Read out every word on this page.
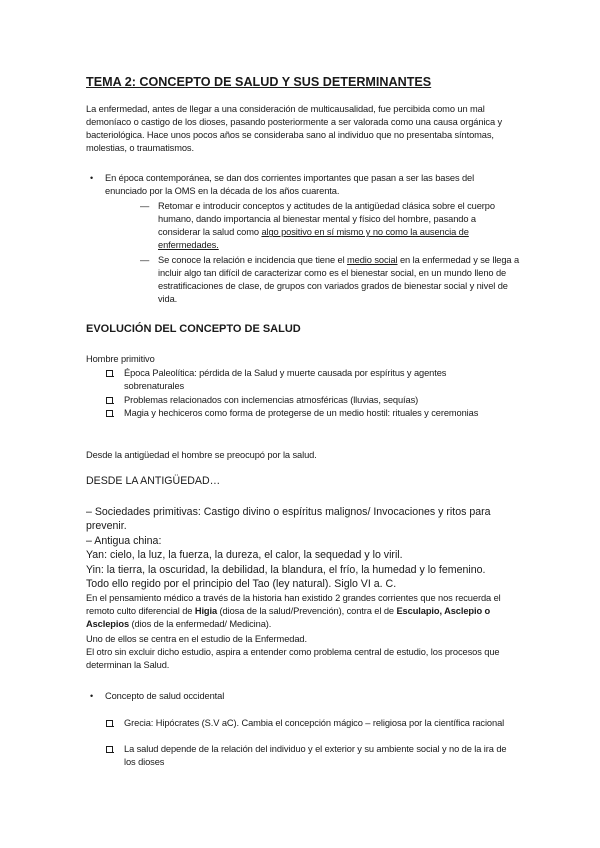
TEMA 2: CONCEPTO DE SALUD Y SUS DETERMINANTES

La enfermedad, antes de llegar a una consideración de multicausalidad, fue percibida como un mal demoníaco o castigo de los dioses, pasando posteriormente a ser valorada como una causa orgánica y bacteriológica. Hace unos pocos años se consideraba sano al individuo que no presentaba síntomas, molestias, o traumatismos.

• En época contemporánea, se dan dos corrientes importantes que pasan a ser las bases del enunciado por la OMS en la década de los años cuarenta.

— Retomar e introducir conceptos y actitudes de la antigüedad clásica sobre el cuerpo humano, dando importancia al bienestar mental y físico del hombre, pasando a considerar la salud como algo positivo en sí mismo y no como la ausencia de enfermedades.

— Se conoce la relación e incidencia que tiene el medio social en la enfermedad y se llega a incluir algo tan difícil de caracterizar como es el bienestar social, en un mundo lleno de estratificaciones de clase, de grupos con variados grados de bienestar social y nivel de vida.

EVOLUCIÓN DEL CONCEPTO DE SALUD

Hombre primitivo

Época Paleolítica: pérdida de la Salud y muerte causada por espíritus y agentes sobrenaturales

Problemas relacionados con inclemencias atmosféricas (lluvias, sequías)

Magia y hechiceros como forma de protegerse de un medio hostil: rituales y ceremonias

Desde la antigüedad el hombre se preocupó por la salud.

DESDE LA ANTIGÜEDAD…

– Sociedades primitivas: Castigo divino o espíritus malignos/ Invocaciones y ritos para prevenir.

– Antigua china:

Yan: cielo, la luz, la fuerza, la dureza, el calor, la sequedad y lo viril.

Yin: la tierra, la oscuridad, la debilidad, la blandura, el frío, la humedad y lo femenino.

Todo ello regido por el principio del Tao (ley natural). Siglo VI a. C.

En el pensamiento médico a través de la historia han existido 2 grandes corrientes que nos recuerda el remoto culto diferencial de Higia (diosa de la salud/Prevención), contra el de Esculapio, Asclepio o Asclepios (dios de la enfermedad/ Medicina).

Uno de ellos se centra en el estudio de la Enfermedad.

El otro sin excluir dicho estudio, aspira a entender como problema central de estudio, los procesos que determinan la Salud.

• Concepto de salud occidental

Grecia: Hipócrates (S.V aC). Cambia el concepción mágico – religiosa por la científica racional

La salud depende de la relación del individuo y el exterior y su ambiente social y no de la ira de los dioses
